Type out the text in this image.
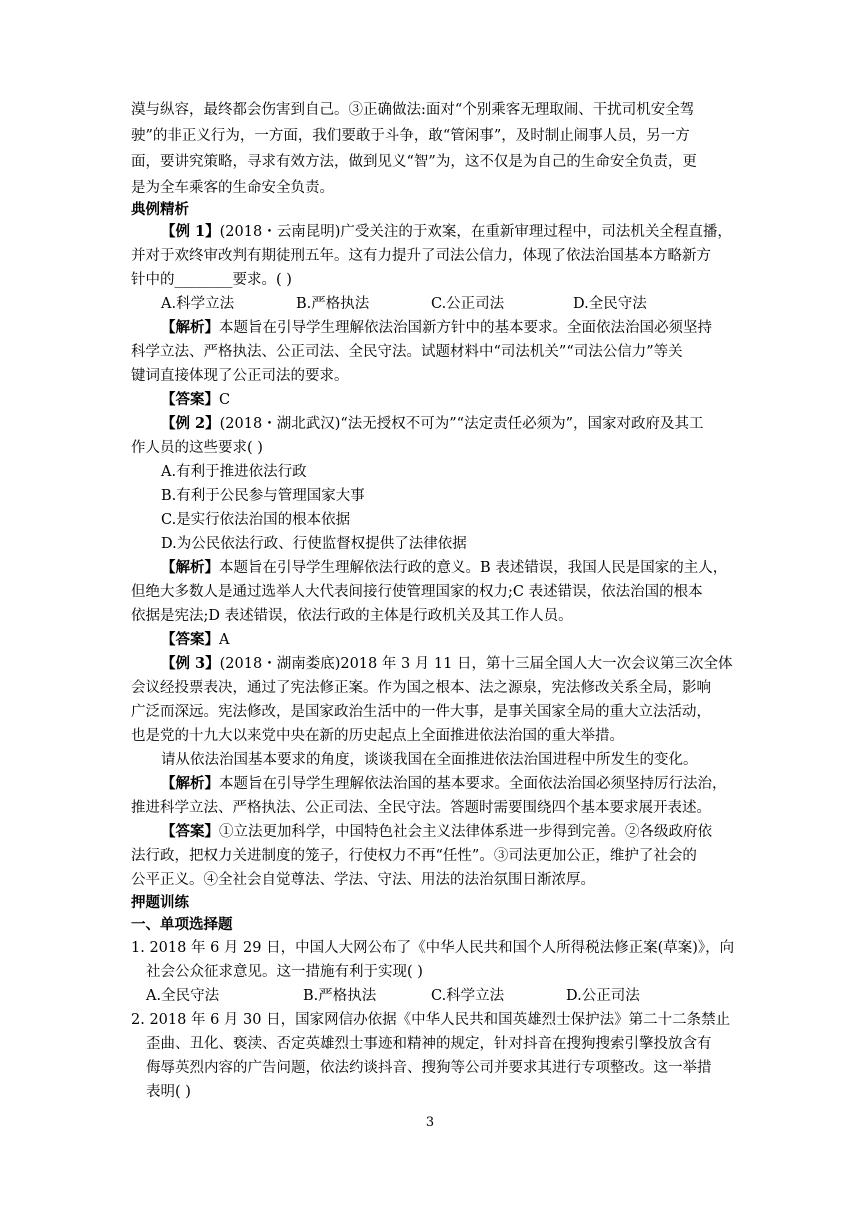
漠与纵容，最终都会伤害到自己。③正确做法:面对“个别乘客无理取闹、干扰司机安全驾
驶”的非正义行为，一方面，我们要敢于斗争，敢“管闲事”，及时制止闹事人员，另一方
面，要讲究策略，寻求有效方法，做到见义“智”为，这不仅是为自己的生命安全负责，更
是为全车乘客的生命安全负责。
典例精析
【例 1】(2018・云南昆明)广受关注的于欢案，在重新审理过程中，司法机关全程直播，
并对于欢终审改判有期徒刑五年。这有力提升了司法公信力，体现了依法治国基本方略新方
针中的________要求。( )
A.科学立法	B.严格执法	C.公正司法	D.全民守法
【解析】本题旨在引导学生理解依法治国新方针中的基本要求。全面依法治国必须坚持
科学立法、严格执法、公正司法、全民守法。试题材料中“司法机关”“司法公信力”等关
键词直接体现了公正司法的要求。
【答案】C
【例 2】(2018・湖北武汉)“法无授权不可为”“法定责任必须为”，国家对政府及其工
作人员的这些要求( )
A.有利于推进依法行政
B.有利于公民参与管理国家大事
C.是实行依法治国的根本依据
D.为公民依法行政、行使监督权提供了法律依据
【解析】本题旨在引导学生理解依法行政的意义。B 表述错误，我国人民是国家的主人，
但绝大多数人是通过选举人大代表间接行使管理国家的权力;C 表述错误，依法治国的根本
依据是宪法;D 表述错误，依法行政的主体是行政机关及其工作人员。
【答案】A
【例 3】(2018・湖南娄底)2018 年 3 月 11 日，第十三届全国人大一次会议第三次全体
会议经投票表决，通过了宪法修正案。作为国之根本、法之源泉，宪法修改关系全局，影响
广泛而深远。宪法修改，是国家政治生活中的一件大事，是事关国家全局的重大立法活动，
也是党的十九大以来党中央在新的历史起点上全面推进依法治国的重大举措。
请从依法治国基本要求的角度，谈谈我国在全面推进依法治国进程中所发生的变化。
【解析】本题旨在引导学生理解依法治国的基本要求。全面依法治国必须坚持厉行法治，
推进科学立法、严格执法、公正司法、全民守法。答题时需要围绕四个基本要求展开表述。
【答案】①立法更加科学，中国特色社会主义法律体系进一步得到完善。②各级政府依
法行政，把权力关进制度的笼子，行使权力不再“任性”。③司法更加公正，维护了社会的
公平正义。④全社会自觉尊法、学法、守法、用法的法治氛围日渐浓厚。
押题训练
一、单项选择题
1. 2018 年 6 月 29 日，中国人大网公布了《中华人民共和国个人所得税法修正案(草案)》，向
社会公众征求意见。这一措施有利于实现( )
A.全民守法	B.严格执法	C.科学立法	D.公正司法
2. 2018 年 6 月 30 日，国家网信办依据《中华人民共和国英雄烈士保护法》第二十二条禁止
歪曲、丑化、亵渎、否定英雄烈士事迹和精神的规定，针对抖音在搜狗搜索引擎投放含有
侮辱英烈内容的广告问题，依法约谈抖音、搜狗等公司并要求其进行专项整改。这一举措
表明( )
3
